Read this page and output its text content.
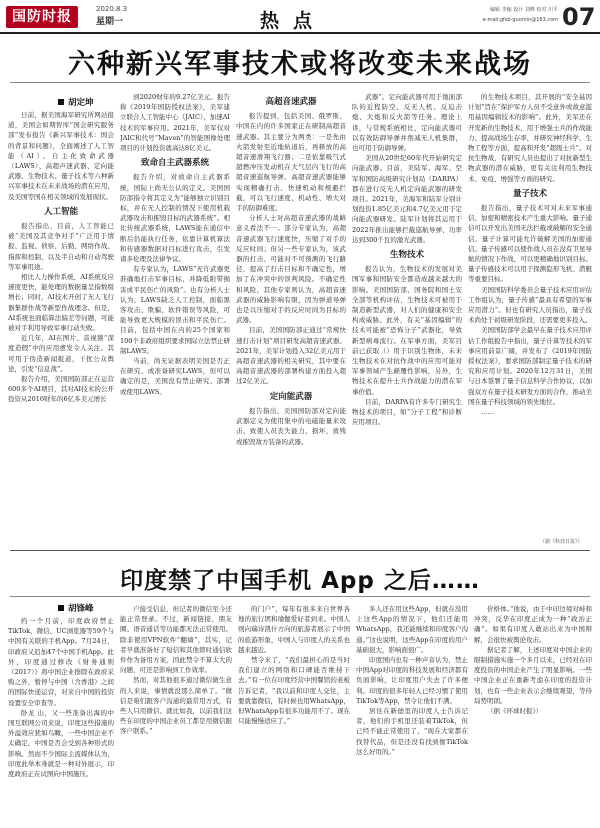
国防时报	2020.8.3
星期一	热点	编辑 李翰 设计 刘峰 校对 川平
e-mail:gfsb-guomin@163.com 07
六种新兴军事技术或将改变未来战场
胡定坤

日前，据美国海军研究所网站报道，美国会如期智库“国会研究服务部”发布报告《新兴军事技术：国会的背景和问题》，全面阐述了人工智能（AI）、自主化致命武器（LAWS）、高超声速武器、定向能武器、生物技术、量子技术等六种新兴军事技术在未来战场的潜在应用，及美国等国在相关领域的发展现状。

人工智能

报告指出，目前，人工智能已被“美国及其竞争对手”广泛用于情报、监视、侦察、后勤、网络作战、指挥和控制，以及半自动和自动驾驶等军事用途。

相比人力操作系统，AI系统反应速度更快，能处理的数据量呈指数级增长；同时，AI技术开创了无人飞行器集群作战等新型作战理念。但是，AI系统也面临算法偏差等问题，可能被对手利用导致军事行动失败。

近几年，AI在图片、音视频“深度造假”中的应用愈发令人关注。其可用于伪造新闻报道，干扰公众舆论，引发“信息战”。

报告介绍，美国国防部正在运营600多个AI项目，其对AI技术的公开投资从2016财年的6亿多美元增长

到2020财年的9.27亿美元。报告称《2019年国防授权法案》，美军建立联合人工智能中心（JAIC），加速AI技术的军事应用。2021年，美军仅对JAIC和代号“Maven”的智能图像处理项目的计划投资就高达8亿美元。

致命自主武器系统

报告介绍，对致命自主武器系统，国际上尚无公认的定义。美国国防部指令将其定义为“能够独立识别目标，并在无人控制的情况下使用机载武器攻击和摧毁目标的武器系统”。相比传统武器系统，LAWS能在通信中断后仍能执行任务，依靠计算机算法和传感器数据对目标进行攻击，引发诸多伦理及法律争议。

有专家认为，LAWS“充许武器更准确地打击军事目标，并降低附带损害或平民伤亡的风险”。也有分析人士认为，LAWS缺乏人工控制，面临黑客攻击、欺骗、软件错误等风险，可能导致更大规模的误击和平民伤亡。目前，包括中国在内的25个国家和100个非政府组织要求国际立法禁止研制LAWS。

当前，尚无证据表明美国是否正在研究、或准备研究LAWS，但可以确定的是，美国没有禁止研究、部署或使用LAWS。

高超音速武器

报告提到，包括美国、俄罗斯、中国在内的许多国家正在研制高超音速武器。其主要分为两类：一是先由火箭发射至近地轨道后，再释放的高超音速滑翔飞行器；二是依靠吸气式超燃冲压发动机在大气层内飞行的高超音速巡航导弹。高超音速武器能够实现精确打击、快速机动和规避拦截，可以飞行速度、机动性、增大对手的防御难度。

分析人士对高超音速武器的战略意义看法不一。部分专家认为，高超音速武器飞行速度快，压缩了对手的反应时间；但另一些专家认为，该武器的打击、可能对不可预测的飞行路径，提高了打击目标和不确定性，增加了在冲突中的误判风险。不确定性和风险，其他专家则认为，高超音速武器的威胁影响有限，因为弹道导弹也是以压缩对手的反应时间为目标的武器。

目前，美国国防部正通过“常规快速打击计划”项目研发高超音速武器。2021年，美军计划投入32亿美元用于高超音速武器的相关研究，其中要在高超音速武器的部署构建方面投入超过2亿美元。

定向能武器

报告指出，美国国防部对定向能武器定义为使用集中的电磁能量来攻击、致使人员丧失能力、损坏、致残或摧毁敌方装备的武器。

武器”。定向能武器可用于地面部队的近程防空、反无人机、反迫击炮、大炮和反火箭等任务。理论上讲，与常规系统相比，定向能武器可以有效防御导弹并削减无人机集群，也可用于防御导弹。

美国从20世纪60年代开始研究定向能武器。目前，美陆军、海军、空军和国防高级研究计划局（DARPA）都在进行反无人机定向能武器的研发项目。2021年，美海军和陆军分别计划投资1.85亿美元和4.7亿美元用于定向能武器研发。陆军计划将其运用于2022年推出能够拦截巡航导弹、功率达到300千瓦的激光武器。

生物技术

报告认为，生物技术的发展对美国军事和国防安全都造成越来越大的影响。美国国防部、国务院和国土安全部等机构评估，生物技术可被用于制造新型武器，对人们的健康和安全构成威胁。此外，有关“基因编辑”的技术可能被“恐怖分子”武器化，导致新型病毒流行。在军事方面，美军目前已获取（）用于识别生物体，未来生物技术在对抗作战中的应用可能对军事领域产生颠覆性影响，另外，生物技术在提升士兵作战能力的潜在军事价值。

目前，DARPA有许多专门研究生物技术的项目，如“分子工程”和诊断应用项目。

的生物技术项目，其开展的“安全基因计划”旨在“保护军方人员不受意外或故意滥用基因编辑技术的影响”。此外，美军还在开发新的生物技术，用于增强士兵的作战能力、提高战场生存率，并研究神经科学、生物工程等方面，提高和开发“超级士兵”。对抗生物战，有研究人员也提出了对抗新型生物武器的潜在威胁，更有关注利用生物技术、免疫、增强等方面的研究。

量子技术

报告指出，量子技术可对未来军事通信、加密和精密技术产生重大影响。量子通信可以开发出美国无法拦截或破解的安全通信，量子计算可能允许破解美国的加密通信。量子传感可以使作战人员在没有卫星导航的情况下作战，可以更精确地识别目标。量子传感技术可以用于探测隐形飞机、潜艇等重要目标。

美国国防科学委员会量子技术应用评估工作组认为，量子传感“最具有希望的军事应用潜力”。但也有研究人员指出，量子技术尚处于初级研发阶段，还需要更多投入。

美国国防部学会最早在量子技术应用评估工作组报告中指出，量子计算等技术的军事应用前景广阔，并发布了《2019年国防授权法案》，要求国防部制定量子技术的研究和应用计划。2020年12月31日，美国与日本签署了量子信息科学合作协议，以加强双方在量子技术研发方面的合作，推动美国在量子科技领域的领先地位。

……

（据《科技日报》）
印度禁了中国手机 App 之后……
胡锋峰

约一个月前，印度政府禁止TikTok、微信、UC浏览器等59个与中国有关联的手机App。7月24日，印政府又追加47个中国手机App。此外，印度通过修改《财务通则（2017）》将中国企业排除在政府采购之外，暂停与中国（含香港）之间的国际快递运营，对来自中国的投资设置安全审查等。

卧龙 山，又一些准备出海的中国互联网公司来说，印度这些措施的外溢效应犹如鸟瞰，一些中国企业不太确定，中国是否会受到各种形式的影响。然而不少国际主流媒体认为，印度此举本身就是一种对外展示，印度政府正在试图向中国施压。

户接受信息，但记者的微信至今还能正常登录。不过，新闻链接、朋友圈、语音通话等功能都无法正常使用。除非使用VPN软件“翻墙”，其实，记者早就准备好了短信和其他即时通信软件作为备用方案，因此禁令不算太大的问题，可还是影响到工作效率。

然而，对其他很多通过微信做生意的人来说，事情就没那么简单了。“微信是咱们跟客户沟通的最常用方式，有些人只用微信。就比如我，以前我们这些在印度的中国企业员工都是用微信跟客户联系。”

的门户”，每年有很多来自世界各地的旅行团和瑜伽爱好者到来。中国人则向瑞诗凯什方向的旅游者展示了中国的旅游形象，中国人与印度人的关系也越来越近。

禁令来了，“我们最担心的是当时我们建立的网络和口碑能否维持下去。”有一位在印度经营中国餐馆的老板告诉记者，“我以前和印度人交往，主要就靠微信，有时候也用WhatsApp，但WhatsApp有很多功能用不了。现在只能慢慢适应了。”

多人还在用这些App，但就在没用上这些App的情况下，他们还能用WhatsApp，我还能继续和印度客户沟通。”这也说明，这些App在印度的用户基础很大，影响面很广。

印度国内也有一种声音认为，禁止中国App对印度的科技发展和经济都有负面影响，让印度用户失去了许多便利。印度的很多年轻人已经习惯了使用TikTok等App，禁令让他们不满。

居住在新德里的印度人士告诉记者，他们的手机里还装着TikTok，但已经不能正常使用了，“现在大家都在找替代品，但是还没有找到像TikTok这么好用的。”

价格体。”他说，由于中印边境对峙和冲突，反华在印度正成为一种“政治正确”。如果有印度人敢站出来为中国辩解，会很快被舆论攻击。

据记者了解，上述印度对中国企业的限制措施实施一个多月以来，已经对在印度投资的中国企业产生了明显影响。一些中国企业正在重新考虑在印度的投资计划，也有一些企业表示会继续观望，等待局势明朗。

（据《环球时报》）
